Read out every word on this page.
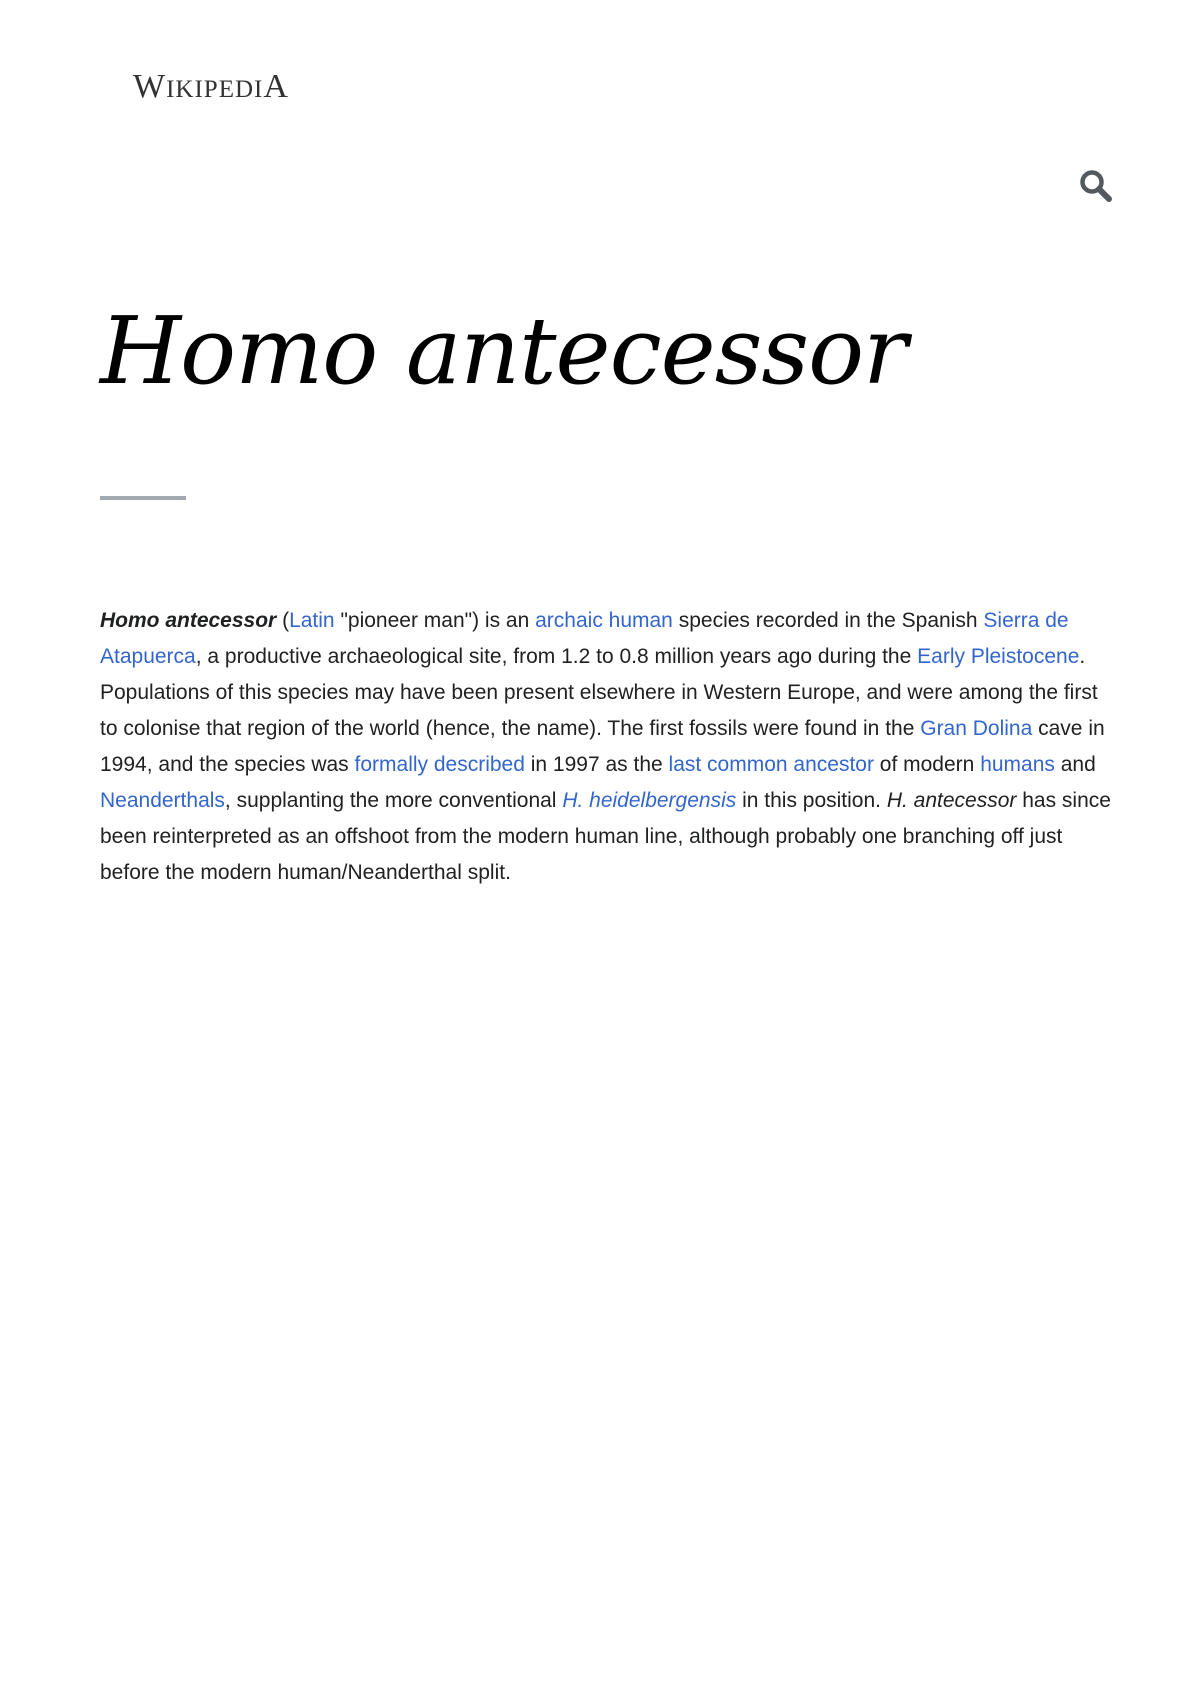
WIKIPEDIA
Homo antecessor

Homo antecessor (Latin "pioneer man") is an archaic human species recorded in the Spanish Sierra de Atapuerca, a productive archaeological site, from 1.2 to 0.8 million years ago during the Early Pleistocene. Populations of this species may have been present elsewhere in Western Europe, and were among the first to colonise that region of the world (hence, the name). The first fossils were found in the Gran Dolina cave in 1994, and the species was formally described in 1997 as the last common ancestor of modern humans and Neanderthals, supplanting the more conventional H. heidelbergensis in this position. H. antecessor has since been reinterpreted as an offshoot from the modern human line, although probably one branching off just before the modern human/Neanderthal split.
